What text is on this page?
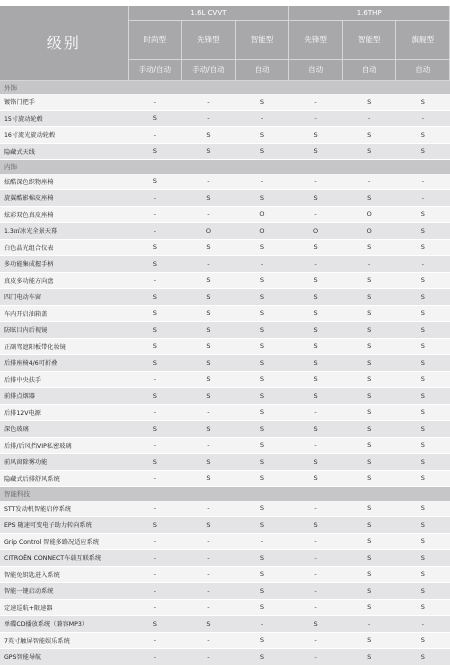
级别	1.6L CVVT			1.6THP		
	时尚型	先锋型	智能型	先锋型	智能型	旗舰型
	手动/自动	手动/自动	自动	自动	自动	自动
外饰						
镀铬门把手	-	-	S	-	S	S
15寸旋动轮毂	S	-	-	-	-	-
16寸流光旋动轮毂	-	S	S	S	S	S
隐藏式天线	S	S	S	S	S	S
内饰						
炫酷深色织物座椅	S	-	-	-	-	-
旋翼酷影棉皮座椅	-	S	S	S	S	-
炫彩双色真皮座椅	-	-	O	-	O	S
1.3㎡冰光全景天幕	-	O	O	O	O	S
白色晶光组合仪表	S	S	S	S	S	S
多功能集成握手柄	S	-	-	-	-	-
真皮多功能方向盘	-	S	S	S	S	S
四门电动车窗	S	S	S	S	S	S
车内开启油箱盖	S	S	S	S	S	S
防眩目内后视镜	S	S	S	S	S	S
正副驾遮阳板带化妆镜	S	S	S	S	S	S
后排座椅4/6可折叠	S	S	S	S	S	S
后排中央扶手	-	S	S	S	S	S
前排点烟器	S	S	S	S	S	S
后排12V电源	-	-	S	-	S	S
深色玻璃	S	S	S	S	S	S
后排/后风挡VIP私密玻璃	-	-	S	-	S	S
前风窗除雾功能	S	S	S	S	S	S
隐藏式后排舒风系统	-	S	S	S	S	S
智能科技						
STT发动机智能启停系统	-	-	S	-	S	S
EPS 随速可变电子助力转向系统	S	S	S	S	S	S
Grip Control 智能多路况适应系统	-	-	-	-	S	S
CITROËN CONNECT车载互联系统	-	-	S	-	S	S
智能免钥匙进入系统	-	-	S	-	S	S
智能一键启动系统	-	-	S	-	S	S
定速巡航+限速器	-	-	S	-	S	S
单碟CD播放系统（兼容MP3）	S	S	-	S	-	-
7英寸触屏智能娱乐系统	-	-	S	-	S	S
GPS智能导航	-	-	S	-	S	S
